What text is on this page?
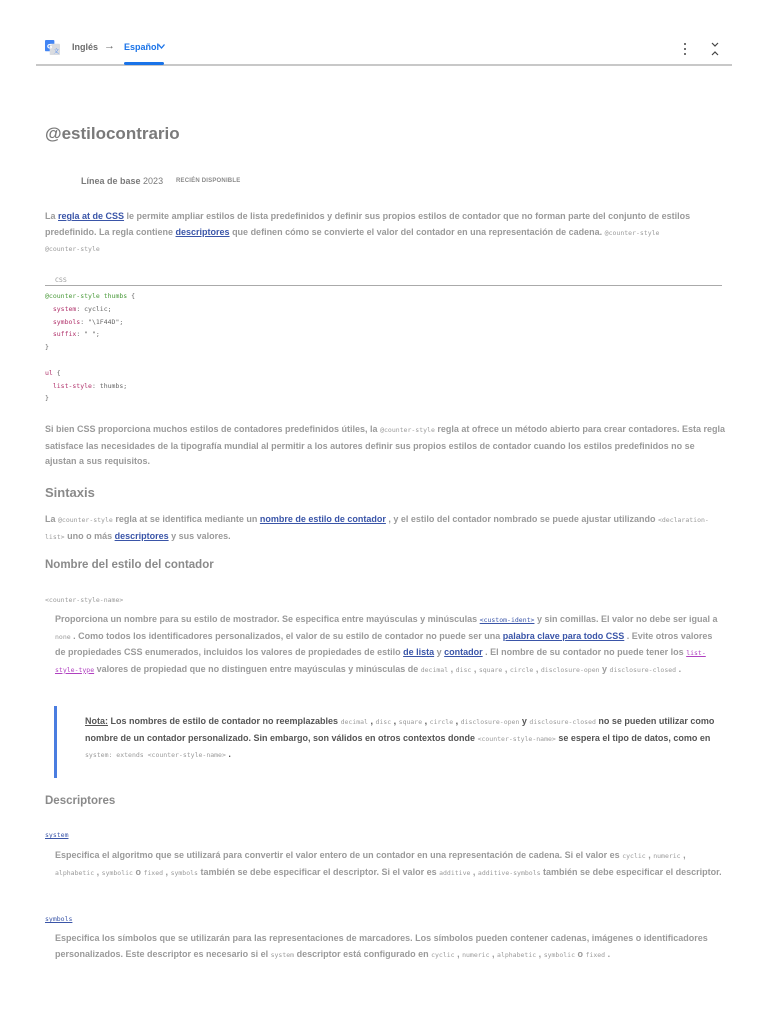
G
文
Inglés → Español
@estilocontrario
Línea de base 2023 RECIÉN DISPONIBLE

La regla at de CSS le permite ampliar estilos de lista predefinidos y definir sus propios estilos de contador que no forman parte del conjunto de estilos predefinido. La regla contiene descriptores que definen cómo se convierte el valor del contador en una representación de cadena. @counter-style
@counter-style

CSS
@counter-style thumbs {
system: cyclic;
symbols: "\1F44D";
suffix: " ";
}

ul {
list-style: thumbs;
}

Si bien CSS proporciona muchos estilos de contadores predefinidos útiles, la @counter-style regla at ofrece un método abierto para crear contadores. Esta regla satisface las necesidades de la tipografía mundial al permitir a los autores definir sus propios estilos de contador cuando los estilos predefinidos no se ajustan a sus requisitos.

Sintaxis

La @counter-style regla at se identifica mediante un nombre de estilo de contador , y el estilo del contador nombrado se puede ajustar utilizando <declaration-list> uno o más descriptores y sus valores.

Nombre del estilo del contador
<counter-style-name>

Proporciona un nombre para su estilo de mostrador. Se especifica entre mayúsculas y minúsculas <custom-ident> y sin comillas. El valor no debe ser igual a none . Como todos los identificadores personalizados, el valor de su estilo de contador no puede ser una palabra clave para todo CSS . Evite otros valores de propiedades CSS enumerados, incluidos los valores de propiedades de estilo de lista y contador . El nombre de su contador no puede tener los list-style-type valores de propiedad que no distinguen entre mayúsculas y minúsculas de decimal , disc , square , circle , disclosure-open y disclosure-closed .

Nota: Los nombres de estilo de contador no reemplazables decimal , disc , square , circle , disclosure-open y disclosure-closed no se pueden utilizar como nombre de un contador personalizado. Sin embargo, son válidos en otros contextos donde <counter-style-name> se espera el tipo de datos, como en system: extends <counter-style-name> .

Descriptores
system

Especifica el algoritmo que se utilizará para convertir el valor entero de un contador en una representación de cadena. Si el valor es cyclic , numeric , alphabetic , symbolic o fixed , symbols también se debe especificar el descriptor. Si el valor es additive , additive-symbols también se debe especificar el descriptor.

symbols

Especifica los símbolos que se utilizarán para las representaciones de marcadores. Los símbolos pueden contener cadenas, imágenes o identificadores personalizados. Este descriptor es necesario si el system descriptor está configurado en cyclic , numeric , alphabetic , symbolic o fixed .
